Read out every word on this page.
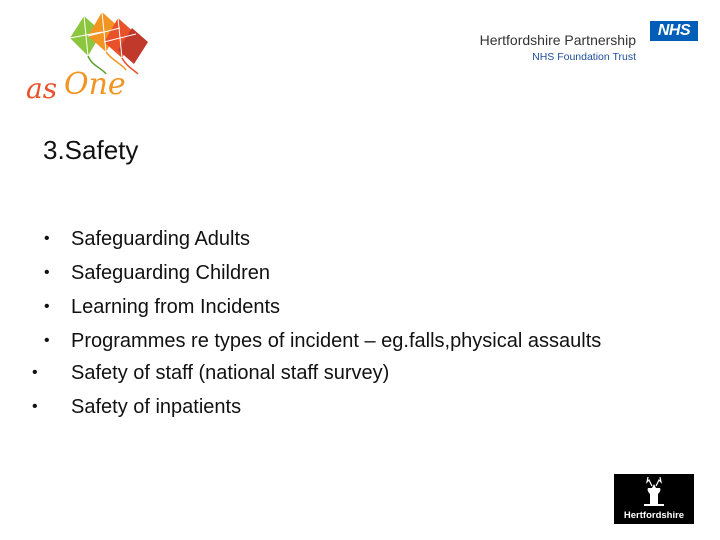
as One
Hertfordshire Partnership
NHS Foundation Trust
NHS
3.Safety
•	Safeguarding Adults
•	Safeguarding Children
•	Learning from Incidents
•	Programmes re types of incident – eg.falls,physical assaults
•	Safety of staff (national staff survey)
•	Safety of inpatients
Hertfordshire
